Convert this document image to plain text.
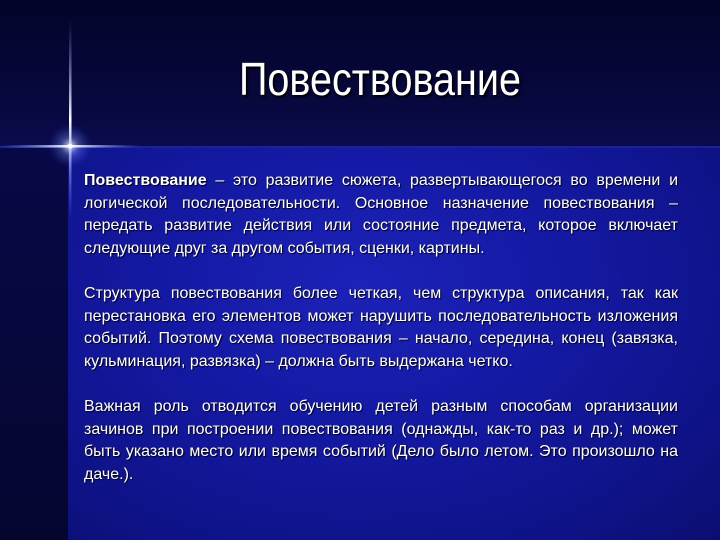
Повествование

Повествование – это развитие сюжета, развертывающегося во времени и логической последовательности. Основное назначение повествования – передать развитие действия или состояние предмета, которое включает следующие друг за другом события, сценки, картины.

Структура повествования более четкая, чем структура описания, так как перестановка его элементов может нарушить последовательность изложения событий. Поэтому схема повествования – начало, середина, конец (завязка, кульминация, развязка) – должна быть выдержана четко.

Важная роль отводится обучению детей разным способам организации зачинов при построении повествования (однажды, как-то раз и др.); может быть указано место или время событий (Дело было летом. Это произошло на даче.).
